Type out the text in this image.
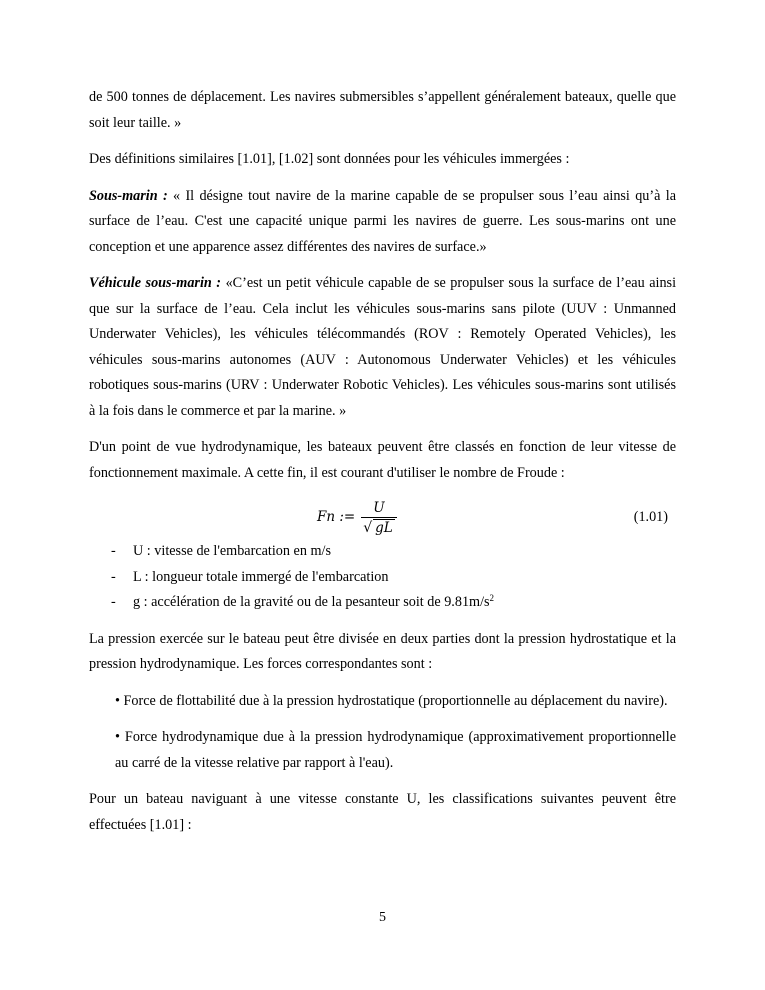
de 500 tonnes de déplacement. Les navires submersibles s’appellent généralement bateaux, quelle que soit leur taille. »

Des définitions similaires [1.01], [1.02] sont données pour les véhicules immergées :

Sous-marin : « Il désigne tout navire de la marine capable de se propulser sous l’eau ainsi qu’à la surface de l’eau. C'est une capacité unique parmi les navires de guerre. Les sous-marins ont une conception et une apparence assez différentes des navires de surface.»

Véhicule sous-marin : «C’est un petit véhicule capable de se propulser sous la surface de l’eau ainsi que sur la surface de l’eau. Cela inclut les véhicules sous-marins sans pilote (UUV : Unmanned Underwater Vehicles), les véhicules télécommandés (ROV : Remotely Operated Vehicles), les véhicules sous-marins autonomes (AUV : Autonomous Underwater Vehicles) et les véhicules robotiques sous-marins (URV : Underwater Robotic Vehicles). Les véhicules sous-marins sont utilisés à la fois dans le commerce et par la marine. »

D'un point de vue hydrodynamique, les bateaux peuvent être classés en fonction de leur vitesse de fonctionnement maximale. A cette fin, il est courant d'utiliser le nombre de Froude :

Fn := $\frac{U}{√ gL}$	(1.01)
- U : vitesse de l'embarcation en m/s
- L : longueur totale immergé de l'embarcation
- g : accélération de la gravité ou de la pesanteur soit de $9.81m/s^2$

La pression exercée sur le bateau peut être divisée en deux parties dont la pression hydrostatique et la pression hydrodynamique. Les forces correspondantes sont :

• Force de flottabilité due à la pression hydrostatique (proportionnelle au déplacement du navire).

• Force hydrodynamique due à la pression hydrodynamique (approximativement proportionnelle au carré de la vitesse relative par rapport à l'eau).

Pour un bateau naviguant à une vitesse constante U, les classifications suivantes peuvent être effectuées [1.01] :

5
